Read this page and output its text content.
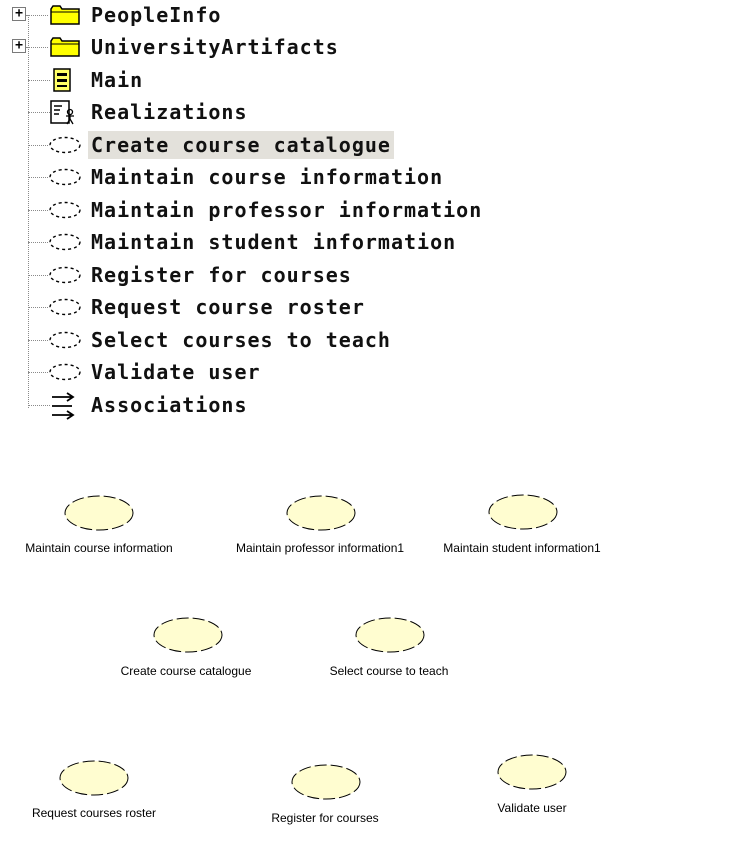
+	PeopleInfo
+	UniversityArtifacts
Main
Realizations
Create course catalogue
Maintain course information
Maintain professor information
Maintain student information
Register for courses
Request course roster
Select courses to teach
Validate user
Associations
Maintain course information	Maintain professor information1	Maintain student information1
Create course catalogue	Select course to teach
Request courses roster	Register for courses
Validate user
